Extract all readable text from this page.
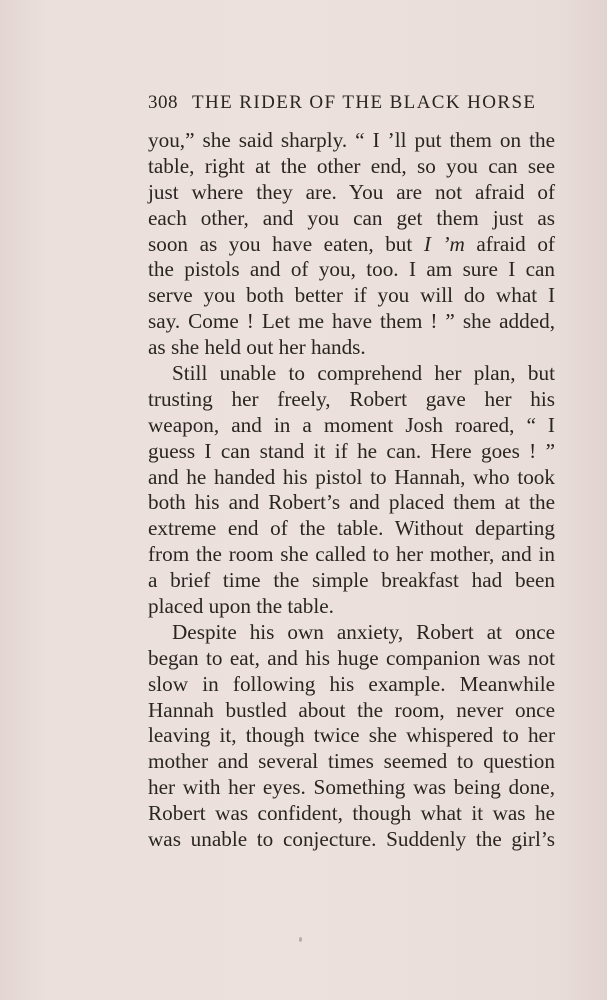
308 THE RIDER OF THE BLACK HORSE
you,” she said sharply. “ I ’ll put them on the
table, right at the other end, so you can see
just where they are. You are not afraid of
each other, and you can get them just as
soon as you have eaten, but I ’m afraid of
the pistols and of you, too. I am sure I can
serve you both better if you will do what I
say. Come ! Let me have them ! ” she added,
as she held out her hands.
Still unable to comprehend her plan, but
trusting her freely, Robert gave her his
weapon, and in a moment Josh roared, “ I
guess I can stand it if he can. Here goes ! ”
and he handed his pistol to Hannah, who took
both his and Robert’s and placed them at the
extreme end of the table. Without departing
from the room she called to her mother, and in
a brief time the simple breakfast had been
placed upon the table.
Despite his own anxiety, Robert at once
began to eat, and his huge companion was not
slow in following his example. Meanwhile
Hannah bustled about the room, never once
leaving it, though twice she whispered to her
mother and several times seemed to question
her with her eyes. Something was being done,
Robert was confident, though what it was he
was unable to conjecture. Suddenly the girl’s
